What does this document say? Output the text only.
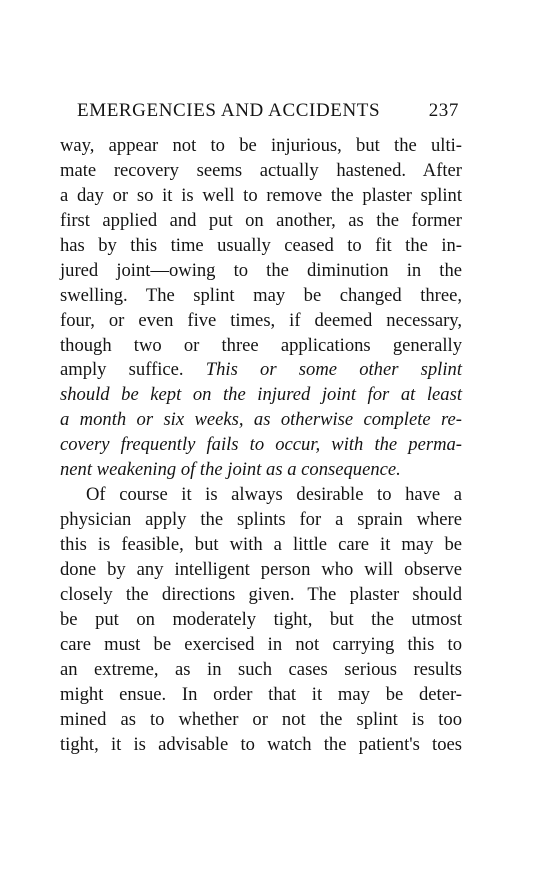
EMERGENCIES AND ACCIDENTS	237
way, appear not to be injurious, but the ulti-
mate recovery seems actually hastened. After
a day or so it is well to remove the plaster splint
first applied and put on another, as the former
has by this time usually ceased to fit the in-
jured joint—owing to the diminution in the
swelling. The splint may be changed three,
four, or even five times, if deemed necessary,
though two or three applications generally
amply suffice. This or some other splint
should be kept on the injured joint for at least
a month or six weeks, as otherwise complete re-
covery frequently fails to occur, with the perma-
nent weakening of the joint as a consequence.
Of course it is always desirable to have a
physician apply the splints for a sprain where
this is feasible, but with a little care it may be
done by any intelligent person who will observe
closely the directions given. The plaster should
be put on moderately tight, but the utmost
care must be exercised in not carrying this to
an extreme, as in such cases serious results
might ensue. In order that it may be deter-
mined as to whether or not the splint is too
tight, it is advisable to watch the patient's toes
